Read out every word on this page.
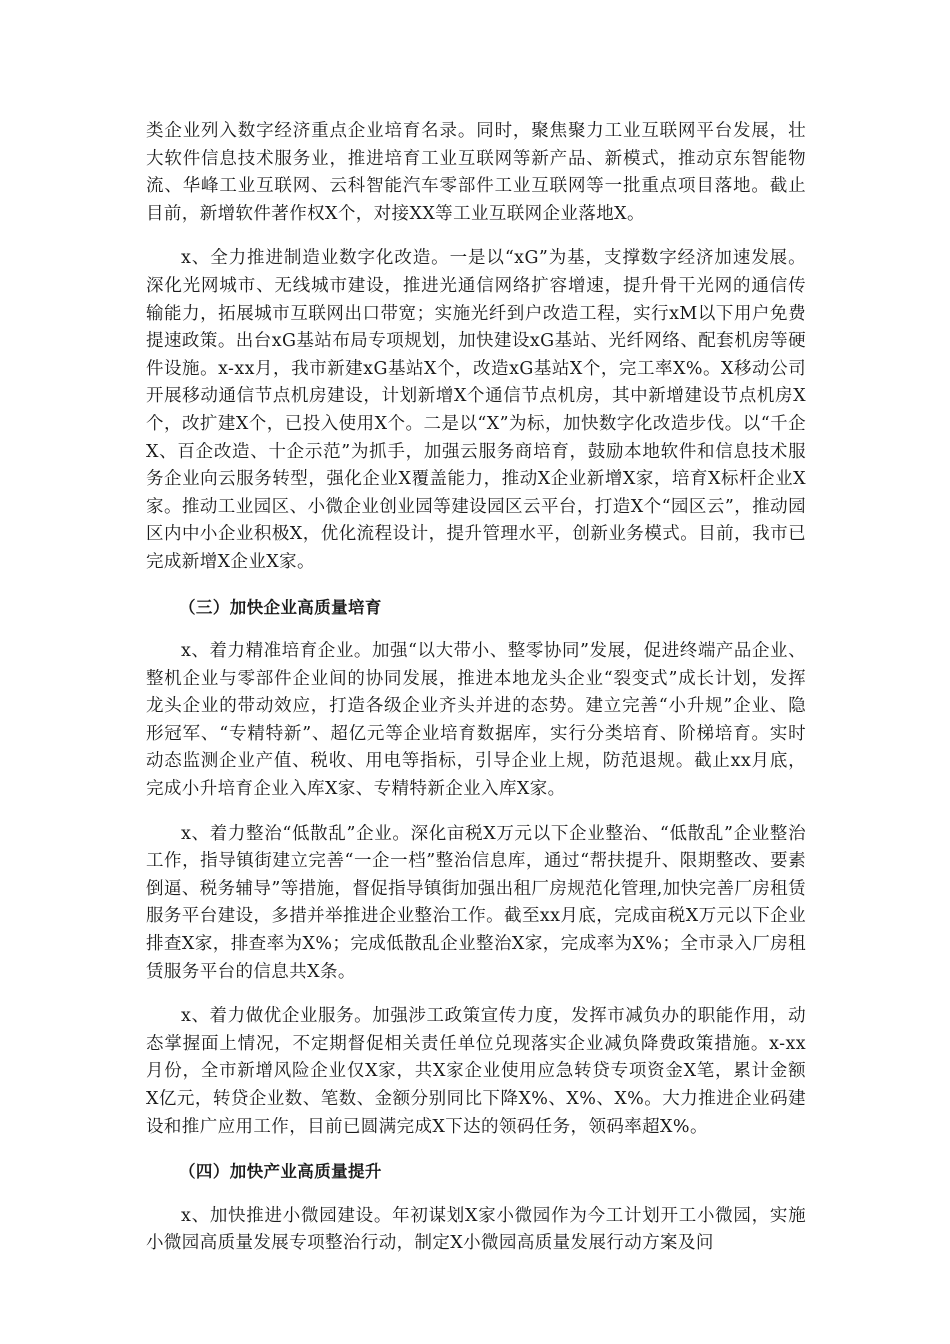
类企业列入数字经济重点企业培育名录。同时，聚焦聚力工业互联网平台发展，壮大软件信息技术服务业，推进培育工业互联网等新产品、新模式，推动京东智能物流、华峰工业互联网、云科智能汽车零部件工业互联网等一批重点项目落地。截止目前，新增软件著作权X个，对接XX等工业互联网企业落地X。

x、全力推进制造业数字化改造。一是以“xG”为基，支撑数字经济加速发展。深化光网城市、无线城市建设，推进光通信网络扩容增速，提升骨干光网的通信传输能力，拓展城市互联网出口带宽；实施光纤到户改造工程，实行xM以下用户免费提速政策。出台xG基站布局专项规划，加快建设xG基站、光纤网络、配套机房等硬件设施。x-xx月，我市新建xG基站X个，改造xG基站X个，完工率X%。X移动公司开展移动通信节点机房建设，计划新增X个通信节点机房，其中新增建设节点机房X个，改扩建X个，已投入使用X个。二是以“X”为标，加快数字化改造步伐。以“千企X、百企改造、十企示范”为抓手，加强云服务商培育，鼓励本地软件和信息技术服务企业向云服务转型，强化企业X覆盖能力，推动X企业新增X家，培育X标杆企业X家。推动工业园区、小微企业创业园等建设园区云平台，打造X个“园区云”，推动园区内中小企业积极X，优化流程设计，提升管理水平，创新业务模式。目前，我市已完成新增X企业X家。

（三）加快企业高质量培育

x、着力精准培育企业。加强“以大带小、整零协同”发展，促进终端产品企业、整机企业与零部件企业间的协同发展，推进本地龙头企业“裂变式”成长计划，发挥龙头企业的带动效应，打造各级企业齐头并进的态势。建立完善“小升规”企业、隐形冠军、“专精特新”、超亿元等企业培育数据库，实行分类培育、阶梯培育。实时动态监测企业产值、税收、用电等指标，引导企业上规，防范退规。截止xx月底，完成小升培育企业入库X家、专精特新企业入库X家。

x、着力整治“低散乱”企业。深化亩税X万元以下企业整治、“低散乱”企业整治工作，指导镇街建立完善“一企一档”整治信息库，通过“帮扶提升、限期整改、要素倒逼、税务辅导”等措施，督促指导镇街加强出租厂房规范化管理,加快完善厂房租赁服务平台建设，多措并举推进企业整治工作。截至xx月底，完成亩税X万元以下企业排查X家，排查率为X%；完成低散乱企业整治X家，完成率为X%；全市录入厂房租赁服务平台的信息共X条。

x、着力做优企业服务。加强涉工政策宣传力度，发挥市减负办的职能作用，动态掌握面上情况，不定期督促相关责任单位兑现落实企业减负降费政策措施。x-xx月份，全市新增风险企业仅X家，共X家企业使用应急转贷专项资金X笔，累计金额X亿元，转贷企业数、笔数、金额分别同比下降X%、X%、X%。大力推进企业码建设和推广应用工作，目前已圆满完成X下达的领码任务，领码率超X%。

（四）加快产业高质量提升

x、加快推进小微园建设。年初谋划X家小微园作为今工计划开工小微园，实施小微园高质量发展专项整治行动，制定X小微园高质量发展行动方案及问
